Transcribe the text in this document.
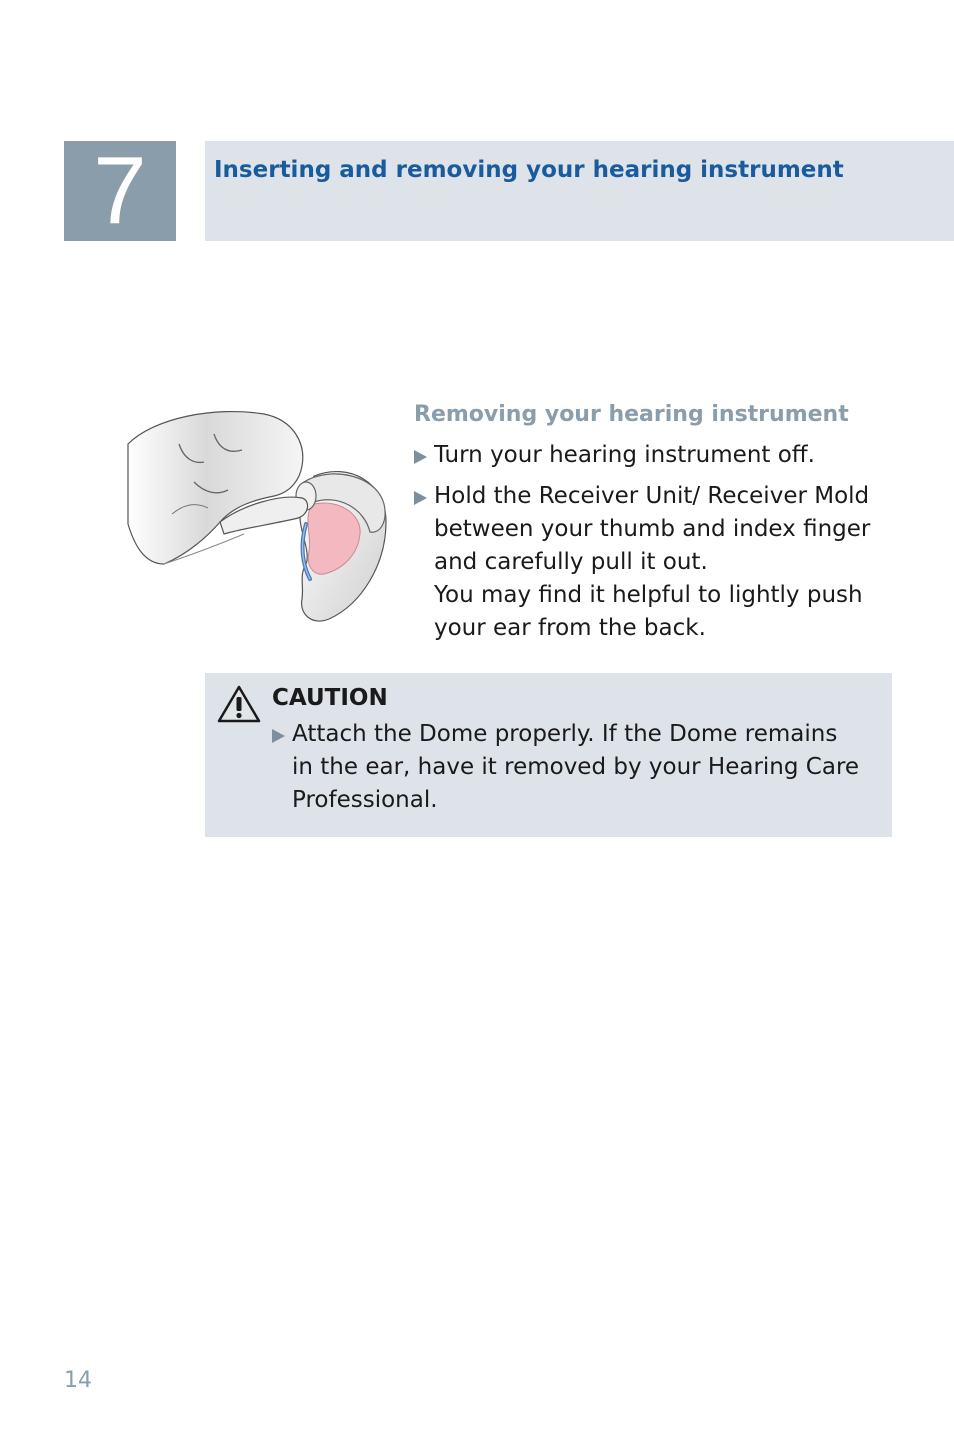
7	Inserting and removing your hearing instrument
Removing your hearing instrument
Turn your hearing instrument off.
Hold the Receiver Unit/ Receiver Mold
between your thumb and index finger
and carefully pull it out.
You may find it helpful to lightly push
your ear from the back.
CAUTION
Attach the Dome properly. If the Dome remains
in the ear, have it removed by your Hearing Care
Professional.
14
